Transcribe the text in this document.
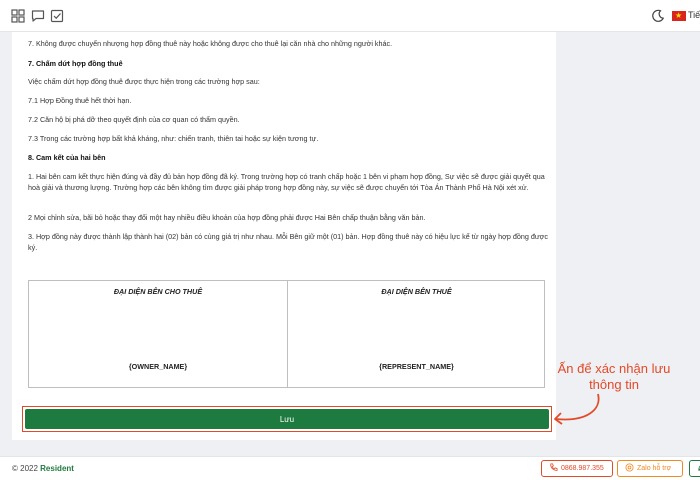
★ Tiế

7. Không được chuyển nhượng hợp đồng thuê này hoặc không được cho thuê lại căn nhà cho những người khác.

7. Chấm dứt hợp đồng thuê

Việc chấm dứt hợp đồng thuê được thực hiện trong các trường hợp sau:

7.1 Hợp Đồng thuê hết thời hạn.

7.2 Căn hộ bị phá dỡ theo quyết định của cơ quan có thẩm quyền.

7.3 Trong các trường hợp bất khả kháng, như: chiến tranh, thiên tai hoặc sự kiện tương tự.

8. Cam kết của hai bên

1. Hai bên cam kết thực hiện đúng và đầy đủ bản hợp đồng đã ký. Trong trường hợp có tranh chấp hoặc 1 bên vi phạm hợp đồng, Sự việc sẽ được giải quyết qua hoà giải và thương lượng. Trường hợp các bên không tìm được giải pháp trong hợp đồng này, sự việc sẽ được chuyển tới Tòa Án Thành Phố Hà Nội xét xử.

2 Mọi chỉnh sửa, bãi bỏ hoặc thay đổi một hay nhiều điều khoản của hợp đồng phải được Hai Bên chấp thuận bằng văn bản.

3. Hợp đồng này được thành lập thành hai (02) bản có cùng giá trị như nhau. Mỗi Bên giữ một (01) bản. Hợp đồng thuê này có hiệu lực kể từ ngày hợp đồng được ký.

ĐẠI DIỆN BÊN CHO THUÊ
{OWNER_NAME}
ĐẠI DIỆN BÊN THUÊ
{REPRESENT_NAME}
Lưu
Ấn để xác nhận lưu thông tin
© 2022 Resident	0868.987.355	Zalo hỗ trợ
